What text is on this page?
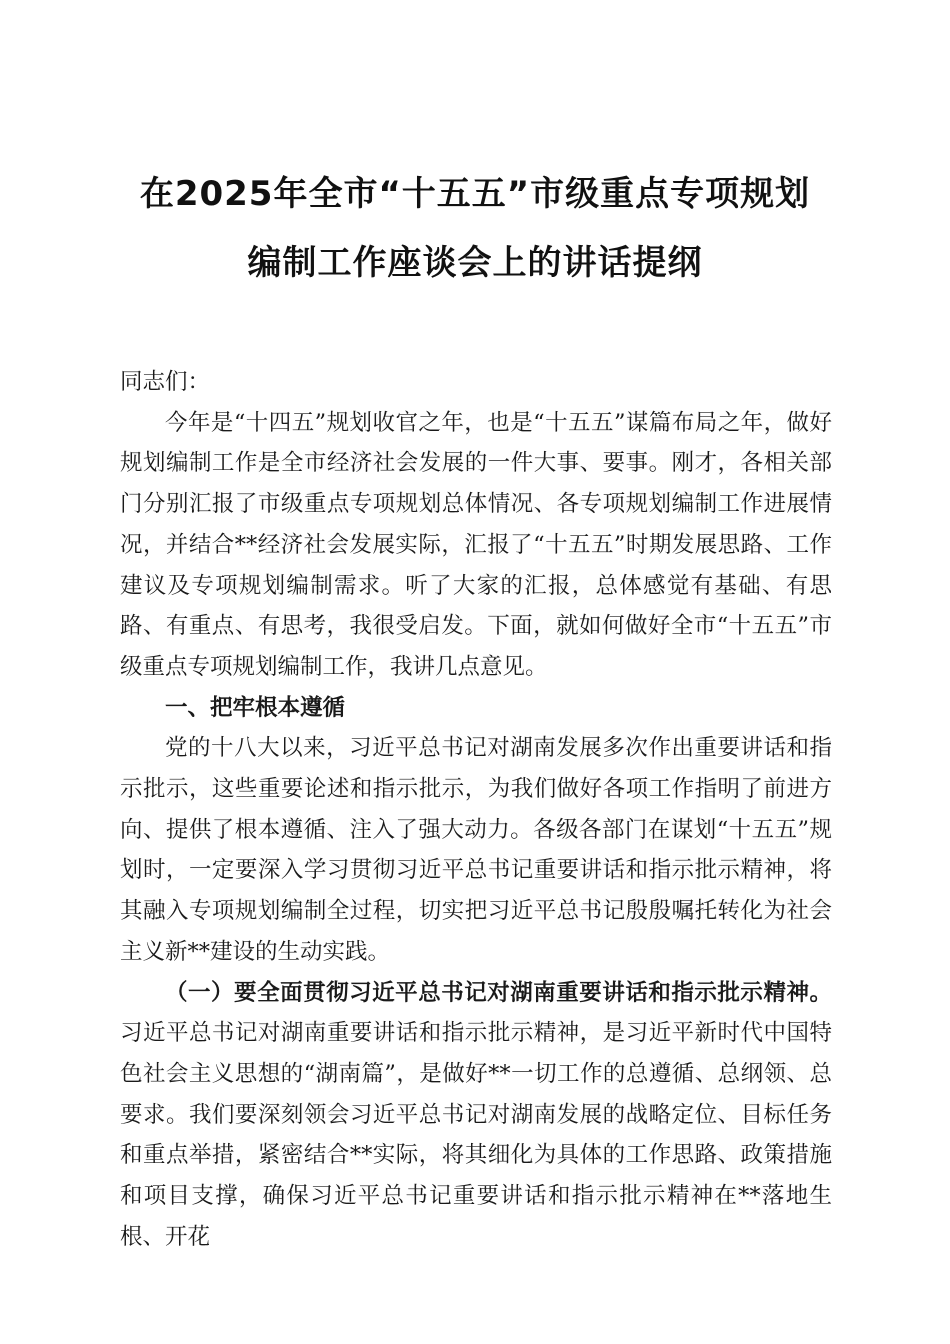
在2025年全市“十五五”市级重点专项规划
编制工作座谈会上的讲话提纲

同志们：

今年是“十四五”规划收官之年，也是“十五五”谋篇布局之年，做好规划编制工作是全市经济社会发展的一件大事、要事。刚才，各相关部门分别汇报了市级重点专项规划总体情况、各专项规划编制工作进展情况，并结合**经济社会发展实际，汇报了“十五五”时期发展思路、工作建议及专项规划编制需求。听了大家的汇报，总体感觉有基础、有思路、有重点、有思考，我很受启发。下面，就如何做好全市“十五五”市级重点专项规划编制工作，我讲几点意见。

一、把牢根本遵循

党的十八大以来，习近平总书记对湖南发展多次作出重要讲话和指示批示，这些重要论述和指示批示，为我们做好各项工作指明了前进方向、提供了根本遵循、注入了强大动力。各级各部门在谋划“十五五”规划时，一定要深入学习贯彻习近平总书记重要讲话和指示批示精神，将其融入专项规划编制全过程，切实把习近平总书记殷殷嘱托转化为社会主义新**建设的生动实践。

（一）要全面贯彻习近平总书记对湖南重要讲话和指示批示精神。习近平总书记对湖南重要讲话和指示批示精神，是习近平新时代中国特色社会主义思想的“湖南篇”，是做好**一切工作的总遵循、总纲领、总要求。我们要深刻领会习近平总书记对湖南发展的战略定位、目标任务和重点举措，紧密结合**实际，将其细化为具体的工作思路、政策措施和项目支撑，确保习近平总书记重要讲话和指示批示精神在**落地生根、开花
